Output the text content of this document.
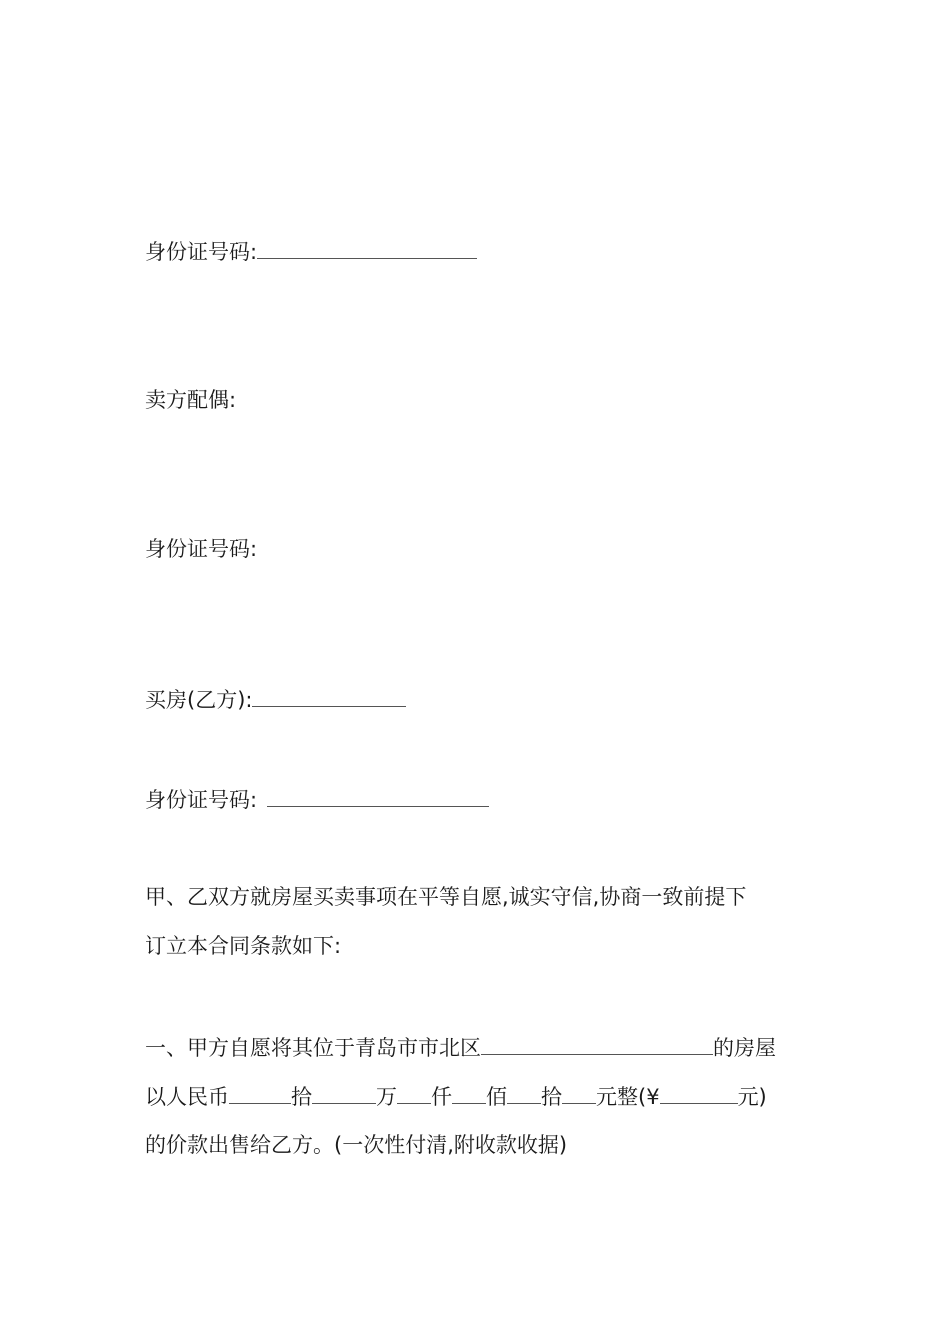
身份证号码:
卖方配偶:
身份证号码:
买房(乙方):
身份证号码:
甲、乙双方就房屋买卖事项在平等自愿,诚实守信,协商一致前提下
订立本合同条款如下:
一、甲方自愿将其位于青岛市市北区	的房屋
以人民币	拾	万 仟 佰 拾 元整(¥	元)
的价款出售给乙方。(一次性付清,附收款收据)
